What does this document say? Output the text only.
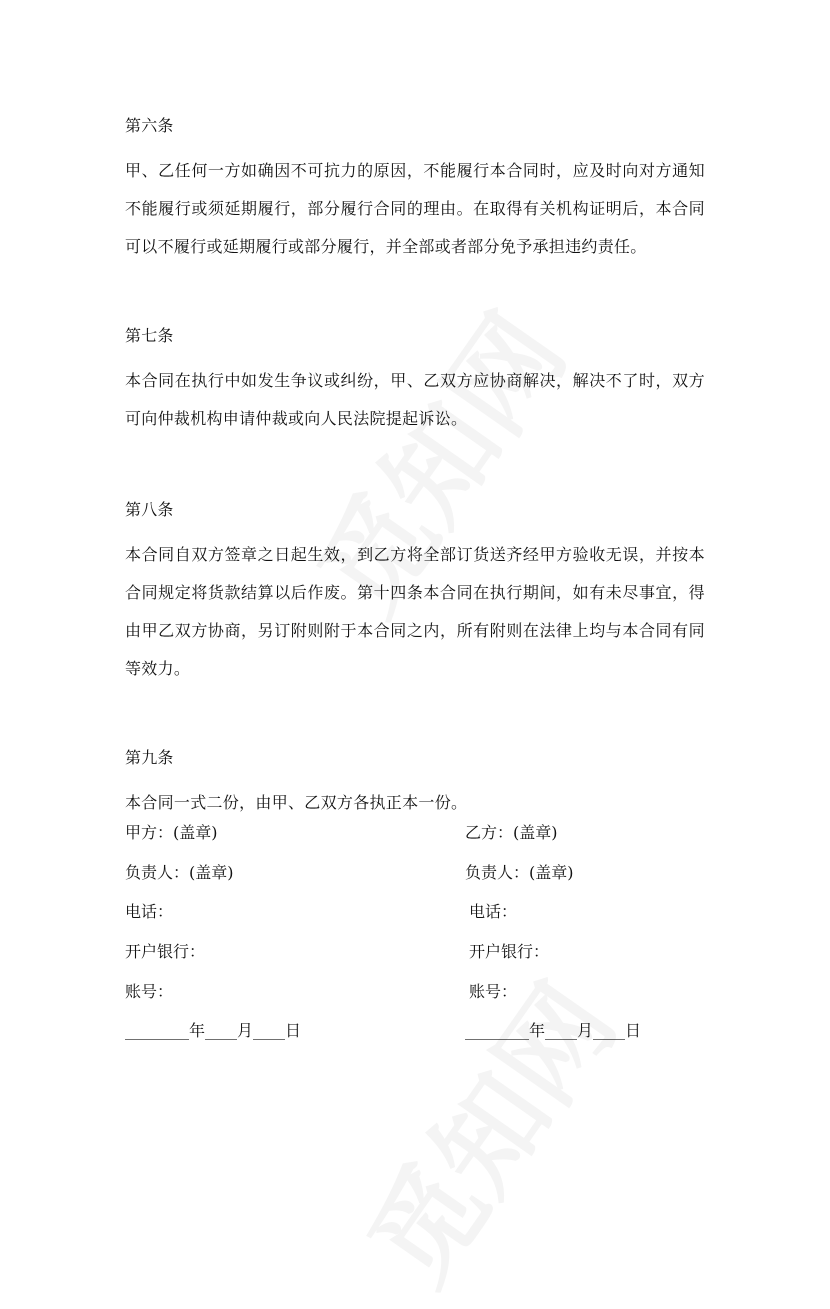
第六条

甲、乙任何一方如确因不可抗力的原因，不能履行本合同时，应及时向对方通知不能履行或须延期履行，部分履行合同的理由。在取得有关机构证明后，本合同可以不履行或延期履行或部分履行，并全部或者部分免予承担违约责任。

第七条

本合同在执行中如发生争议或纠纷，甲、乙双方应协商解决，解决不了时，双方可向仲裁机构申请仲裁或向人民法院提起诉讼。

第八条

本合同自双方签章之日起生效，到乙方将全部订货送齐经甲方验收无误，并按本合同规定将货款结算以后作废。第十四条本合同在执行期间，如有未尽事宜，得由甲乙双方协商，另订附则附于本合同之内，所有附则在法律上均与本合同有同等效力。

第九条

本合同一式二份，由甲、乙双方各执正本一份。

甲方：(盖章)	乙方：(盖章)
负责人：(盖章)	负责人：(盖章)
电话：	电话：
开户银行：	开户银行：
账号：	账号：
________年____月____日	________年____月____日
